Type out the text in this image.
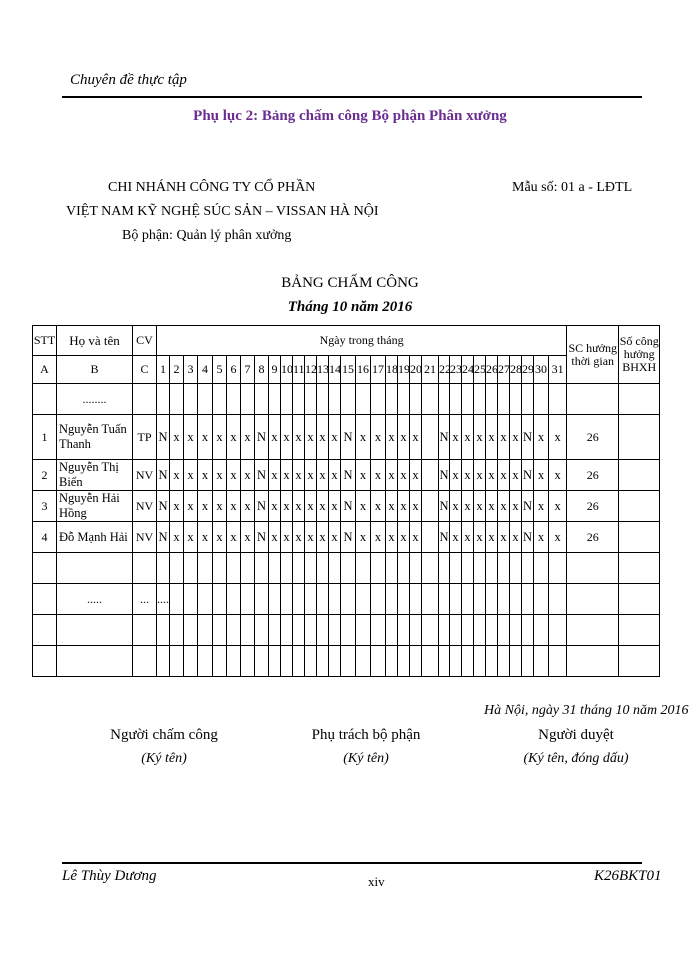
Chuyên đề thực tập
Phụ lục 2: Bảng chấm công Bộ phận Phân xưởng
CHI NHÁNH CÔNG TY CỔ PHẦN
VIỆT NAM KỸ NGHỆ SÚC SẢN – VISSAN HÀ NỘI
Bộ phận: Quản lý phân xưởng
Mẫu số: 01 a - LĐTL
BẢNG CHẤM CÔNG
Tháng 10 năm 2016
STT	Họ và tên	CV	Ngày trong tháng																															SC hưởng thời gian	Số công hưởng BHXH
A	B	C	1	2	3	4	5	6	7	8	9	10	11	12	13	14	15	16	17	18	19	20	21	22	23	24	25	26	27	28	29	30	31		
	........																																		
1	Nguyễn Tuấn Thanh	TP	N	x	x	x	x	x	x	N	x	x	x	x	x	x	N	x	x	x	x	x		N	x	x	x	x	x	x	N	x	x	26	
2	Nguyễn Thị Biển	NV	N	x	x	x	x	x	x	N	x	x	x	x	x	x	N	x	x	x	x	x		N	x	x	x	x	x	x	N	x	x	26	
3	Nguyễn Hải Hồng	NV	N	x	x	x	x	x	x	N	x	x	x	x	x	x	N	x	x	x	x	x		N	x	x	x	x	x	x	N	x	x	26	
4	Đỗ Mạnh Hải	NV	N	x	x	x	x	x	x	N	x	x	x	x	x	x	N	x	x	x	x	x		N	x	x	x	x	x	x	N	x	x	26	

	.....	...	....																																

Hà Nội, ngày 31 tháng 10 năm 2016
Người chấm công
(Ký tên)
Phụ trách bộ phận
(Ký tên)
Người duyệt
(Ký tên, đóng dấu)
Lê Thùy Dương	xiv	K26BKT01
